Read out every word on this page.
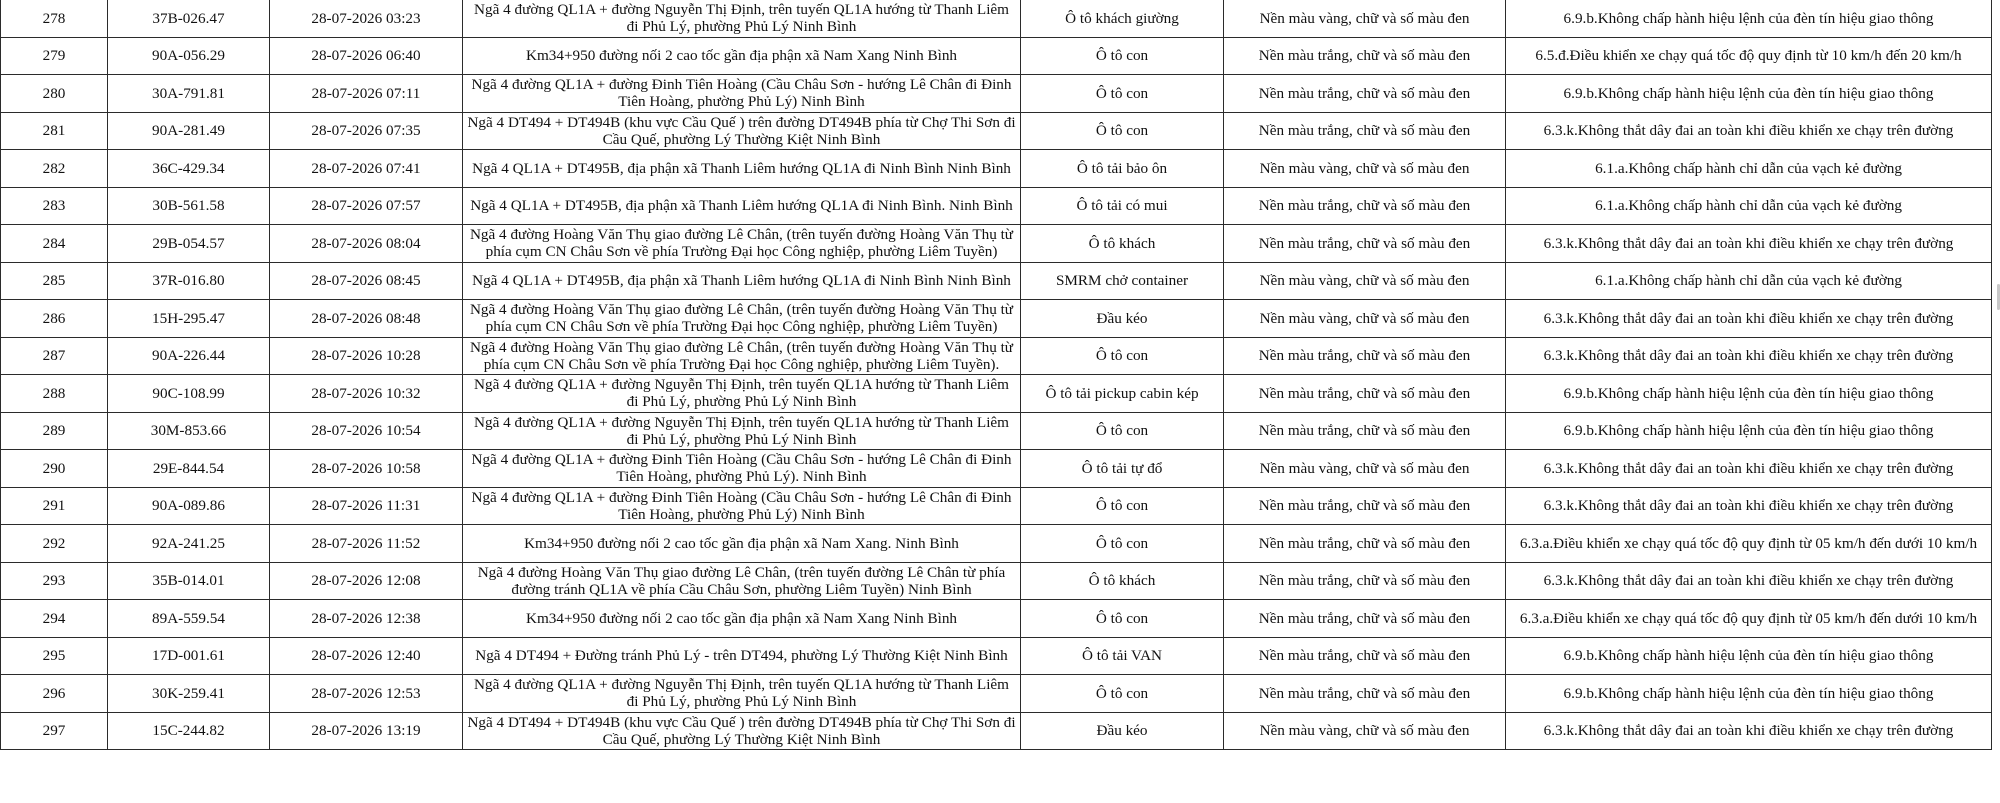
278	37B-026.47	28-07-2026 03:23	Ngã 4 đường QL1A + đường Nguyễn Thị Định, trên tuyến QL1A hướng từ Thanh Liêm đi Phủ Lý, phường Phủ Lý Ninh Bình	Ô tô khách giường	Nền màu vàng, chữ và số màu đen	6.9.b.Không chấp hành hiệu lệnh của đèn tín hiệu giao thông
279	90A-056.29	28-07-2026 06:40	Km34+950 đường nối 2 cao tốc gần địa phận xã Nam Xang Ninh Bình	Ô tô con	Nền màu trắng, chữ và số màu đen	6.5.đ.Điều khiển xe chạy quá tốc độ quy định từ 10 km/h đến 20 km/h
280	30A-791.81	28-07-2026 07:11	Ngã 4 đường QL1A + đường Đinh Tiên Hoàng (Cầu Châu Sơn - hướng Lê Chân đi Đinh Tiên Hoàng, phường Phủ Lý) Ninh Bình	Ô tô con	Nền màu trắng, chữ và số màu đen	6.9.b.Không chấp hành hiệu lệnh của đèn tín hiệu giao thông
281	90A-281.49	28-07-2026 07:35	Ngã 4 DT494 + DT494B (khu vực Cầu Quế ) trên đường DT494B phía từ Chợ Thi Sơn đi Cầu Quế, phường Lý Thường Kiệt Ninh Bình	Ô tô con	Nền màu trắng, chữ và số màu đen	6.3.k.Không thắt dây đai an toàn khi điều khiển xe chạy trên đường
282	36C-429.34	28-07-2026 07:41	Ngã 4 QL1A + DT495B, địa phận xã Thanh Liêm hướng QL1A đi Ninh Bình Ninh Bình	Ô tô tải bảo ôn	Nền màu vàng, chữ và số màu đen	6.1.a.Không chấp hành chỉ dẫn của vạch kẻ đường
283	30B-561.58	28-07-2026 07:57	Ngã 4 QL1A + DT495B, địa phận xã Thanh Liêm hướng QL1A đi Ninh Bình. Ninh Bình	Ô tô tải có mui	Nền màu trắng, chữ và số màu đen	6.1.a.Không chấp hành chỉ dẫn của vạch kẻ đường
284	29B-054.57	28-07-2026 08:04	Ngã 4 đường Hoàng Văn Thụ giao đường Lê Chân, (trên tuyến đường Hoàng Văn Thụ từ phía cụm CN Châu Sơn về phía Trường Đại học Công nghiệp, phường Liêm Tuyền)	Ô tô khách	Nền màu trắng, chữ và số màu đen	6.3.k.Không thắt dây đai an toàn khi điều khiển xe chạy trên đường
285	37R-016.80	28-07-2026 08:45	Ngã 4 QL1A + DT495B, địa phận xã Thanh Liêm hướng QL1A đi Ninh Bình Ninh Bình	SMRM chở container	Nền màu vàng, chữ và số màu đen	6.1.a.Không chấp hành chỉ dẫn của vạch kẻ đường
286	15H-295.47	28-07-2026 08:48	Ngã 4 đường Hoàng Văn Thụ giao đường Lê Chân, (trên tuyến đường Hoàng Văn Thụ từ phía cụm CN Châu Sơn về phía Trường Đại học Công nghiệp, phường Liêm Tuyền)	Đầu kéo	Nền màu vàng, chữ và số màu đen	6.3.k.Không thắt dây đai an toàn khi điều khiển xe chạy trên đường
287	90A-226.44	28-07-2026 10:28	Ngã 4 đường Hoàng Văn Thụ giao đường Lê Chân, (trên tuyến đường Hoàng Văn Thụ từ phía cụm CN Châu Sơn về phía Trường Đại học Công nghiệp, phường Liêm Tuyền).	Ô tô con	Nền màu trắng, chữ và số màu đen	6.3.k.Không thắt dây đai an toàn khi điều khiển xe chạy trên đường
288	90C-108.99	28-07-2026 10:32	Ngã 4 đường QL1A + đường Nguyễn Thị Định, trên tuyến QL1A hướng từ Thanh Liêm đi Phủ Lý, phường Phủ Lý Ninh Bình	Ô tô tải pickup cabin kép	Nền màu trắng, chữ và số màu đen	6.9.b.Không chấp hành hiệu lệnh của đèn tín hiệu giao thông
289	30M-853.66	28-07-2026 10:54	Ngã 4 đường QL1A + đường Nguyễn Thị Định, trên tuyến QL1A hướng từ Thanh Liêm đi Phủ Lý, phường Phủ Lý Ninh Bình	Ô tô con	Nền màu trắng, chữ và số màu đen	6.9.b.Không chấp hành hiệu lệnh của đèn tín hiệu giao thông
290	29E-844.54	28-07-2026 10:58	Ngã 4 đường QL1A + đường Đinh Tiên Hoàng (Cầu Châu Sơn - hướng Lê Chân đi Đinh Tiên Hoàng, phường Phủ Lý). Ninh Bình	Ô tô tải tự đổ	Nền màu vàng, chữ và số màu đen	6.3.k.Không thắt dây đai an toàn khi điều khiển xe chạy trên đường
291	90A-089.86	28-07-2026 11:31	Ngã 4 đường QL1A + đường Đinh Tiên Hoàng (Cầu Châu Sơn - hướng Lê Chân đi Đinh Tiên Hoàng, phường Phủ Lý) Ninh Bình	Ô tô con	Nền màu trắng, chữ và số màu đen	6.3.k.Không thắt dây đai an toàn khi điều khiển xe chạy trên đường
292	92A-241.25	28-07-2026 11:52	Km34+950 đường nối 2 cao tốc gần địa phận xã Nam Xang. Ninh Bình	Ô tô con	Nền màu trắng, chữ và số màu đen	6.3.a.Điều khiển xe chạy quá tốc độ quy định từ 05 km/h đến dưới 10 km/h
293	35B-014.01	28-07-2026 12:08	Ngã 4 đường Hoàng Văn Thụ giao đường Lê Chân, (trên tuyến đường Lê Chân từ phía đường tránh QL1A về phía Cầu Châu Sơn, phường Liêm Tuyền) Ninh Bình	Ô tô khách	Nền màu trắng, chữ và số màu đen	6.3.k.Không thắt dây đai an toàn khi điều khiển xe chạy trên đường
294	89A-559.54	28-07-2026 12:38	Km34+950 đường nối 2 cao tốc gần địa phận xã Nam Xang Ninh Bình	Ô tô con	Nền màu trắng, chữ và số màu đen	6.3.a.Điều khiển xe chạy quá tốc độ quy định từ 05 km/h đến dưới 10 km/h
295	17D-001.61	28-07-2026 12:40	Ngã 4 DT494 + Đường tránh Phủ Lý - trên DT494, phường Lý Thường Kiệt Ninh Bình	Ô tô tải VAN	Nền màu trắng, chữ và số màu đen	6.9.b.Không chấp hành hiệu lệnh của đèn tín hiệu giao thông
296	30K-259.41	28-07-2026 12:53	Ngã 4 đường QL1A + đường Nguyễn Thị Định, trên tuyến QL1A hướng từ Thanh Liêm đi Phủ Lý, phường Phủ Lý Ninh Bình	Ô tô con	Nền màu trắng, chữ và số màu đen	6.9.b.Không chấp hành hiệu lệnh của đèn tín hiệu giao thông
297	15C-244.82	28-07-2026 13:19	Ngã 4 DT494 + DT494B (khu vực Cầu Quế ) trên đường DT494B phía từ Chợ Thi Sơn đi Cầu Quế, phường Lý Thường Kiệt Ninh Bình	Đầu kéo	Nền màu vàng, chữ và số màu đen	6.3.k.Không thắt dây đai an toàn khi điều khiển xe chạy trên đường
